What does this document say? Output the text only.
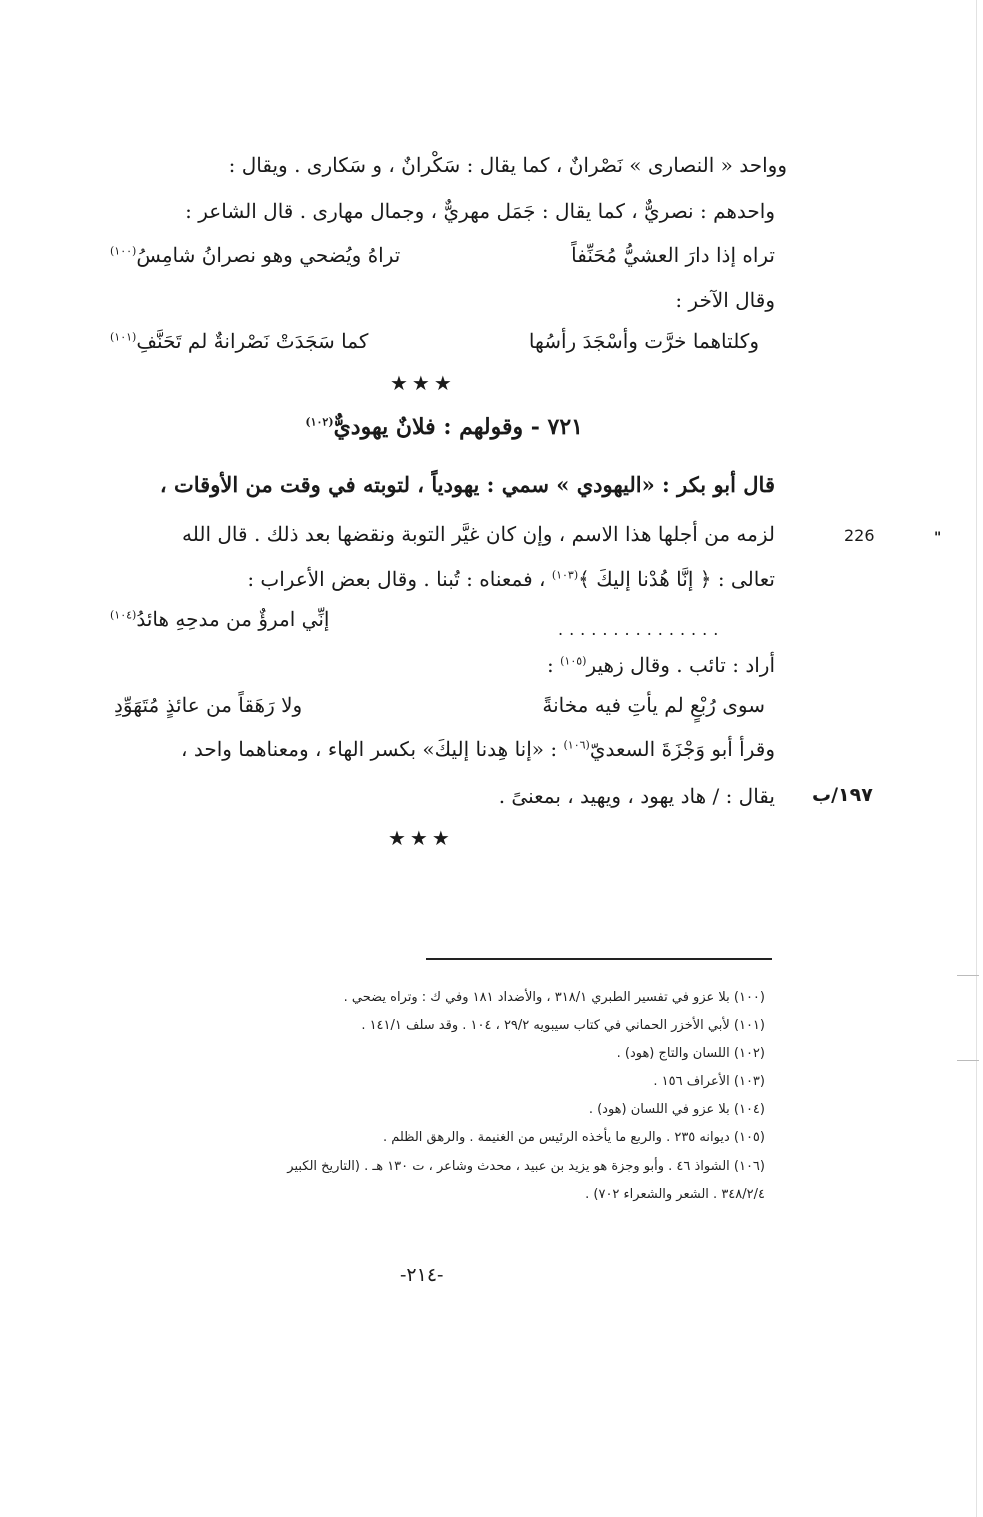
وواحد « النصارى » نَصْرانٌ ، كما يقال : سَكْرانٌ ، و سَكارى . ويقال :
واحدهم : نصريٌّ ، كما يقال : جَمَل مهريٌّ ، وجمال مهارى . قال الشاعر :
تراه إذا دارَ العشيُّ مُحَنِّفاً
تراهُ ويُضحي وهو نصرانُ شامِسُ$^{(١٠٠)}$
وقال الآخر :
وكلتاهما خرَّت وأسْجَدَ رأسُها
كما سَجَدَتْ نَصْرانةٌ لم تَحَنَّفِ$^{(١٠١)}$
★★★
٧٢١ - وقولهم : فلانٌ يهوديٌّ$^{(١٠٢)}$
قال أبو بكر : «اليهودي » سمي : يهودياً ، لتوبته في وقت من الأوقات ،
لزمه من أجلها هذا الاسم ، وإن كان غيَّر التوبة ونقضها بعد ذلك . قال الله
تعالى : ﴿ إنَّا هُدْنا إليكَ ﴾$^{(١٠٣)}$ ، فمعناه : تُبنا . وقال بعض الأعراب :
إنِّي امرؤٌ من مدحِهِ هائدُ$^{(١٠٤)}$
...............
أراد : تائب . وقال زهير$^{(١٠٥)}$ :
سوى رُبْعٍ لم يأتِ فيه مخانةً
ولا رَهَقاً من عائذٍ مُتَهَوِّدِ
وقرأ أبو وَجْزَةَ السعديّ$^{(١٠٦)}$ : «إنا هِدنا إليكَ» بكسر الهاء ، ومعناهما واحد ،
يقال : / هاد يهود ، ويهيد ، بمعنىً .
★★★
226	"
١٩٧/ب
(١٠٠) بلا عزو في تفسير الطبري ٣١٨/١ ، والأضداد ١٨١ وفي ك : وتراه يضحي .
(١٠١) لأبي الأخزر الحماني في كتاب سيبويه ٢٩/٢ ، ١٠٤ . وقد سلف ١٤١/١ .
(١٠٢) اللسان والتاج (هود) .
(١٠٣) الأعراف ١٥٦ .
(١٠٤) بلا عزو في اللسان (هود) .
(١٠٥) ديوانه ٢٣٥ . والربع ما يأخذه الرئيس من الغنيمة . والرهق الظلم .
(١٠٦) الشواذ ٤٦ . وأبو وجزة هو يزيد بن عبيد ، محدث وشاعر ، ت ١٣٠ هـ . (التاريخ الكبير
٣٤٨/٢/٤ . الشعر والشعراء ٧٠٢) .
-٢١٤-
